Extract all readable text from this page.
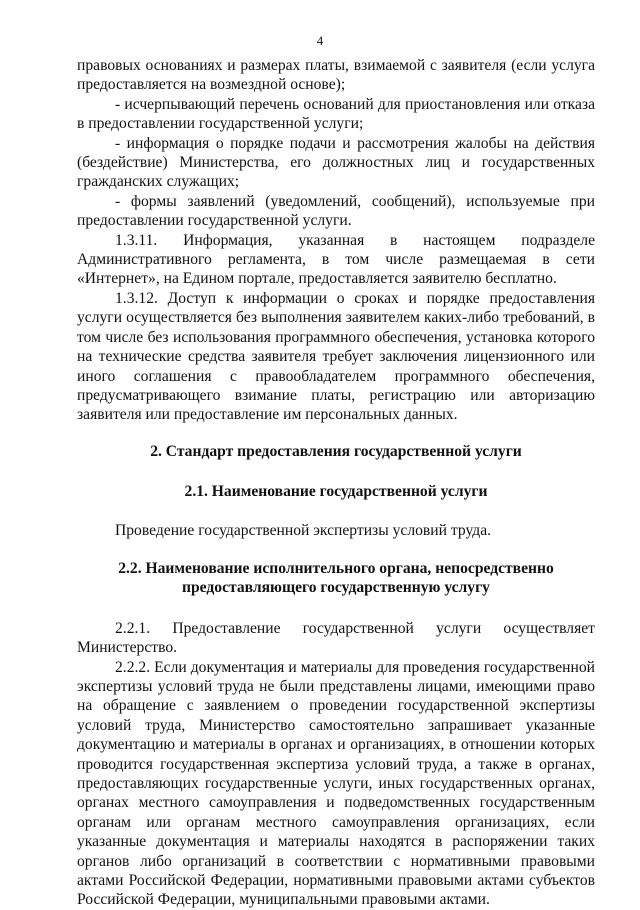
4

правовых основаниях и размерах платы, взимаемой с заявителя (если услуга предоставляется на возмездной основе);

- исчерпывающий перечень оснований для приостановления или отказа в предоставлении государственной услуги;

- информация о порядке подачи и рассмотрения жалобы на действия (бездействие) Министерства, его должностных лиц и государственных гражданских служащих;

- формы заявлений (уведомлений, сообщений), используемые при предоставлении государственной услуги.

1.3.11. Информация, указанная в настоящем подразделе Административного регламента, в том числе размещаемая в сети «Интернет», на Едином портале, предоставляется заявителю бесплатно.

1.3.12. Доступ к информации о сроках и порядке предоставления услуги осуществляется без выполнения заявителем каких-либо требований, в том числе без использования программного обеспечения, установка которого на технические средства заявителя требует заключения лицензионного или иного соглашения с правообладателем программного обеспечения, предусматривающего взимание платы, регистрацию или авторизацию заявителя или предоставление им персональных данных.

2. Стандарт предоставления государственной услуги

2.1. Наименование государственной услуги

Проведение государственной экспертизы условий труда.

2.2. Наименование исполнительного органа, непосредственно предоставляющего государственную услугу

2.2.1. Предоставление государственной услуги осуществляет Министерство.

2.2.2. Если документация и материалы для проведения государственной экспертизы условий труда не были представлены лицами, имеющими право на обращение с заявлением о проведении государственной экспертизы условий труда, Министерство самостоятельно запрашивает указанные документацию и материалы в органах и организациях, в отношении которых проводится государственная экспертиза условий труда, а также в органах, предоставляющих государственные услуги, иных государственных органах, органах местного самоуправления и подведомственных государственным органам или органам местного самоуправления организациях, если указанные документация и материалы находятся в распоряжении таких органов либо организаций в соответствии с нормативными правовыми актами Российской Федерации, нормативными правовыми актами субъектов Российской Федерации, муниципальными правовыми актами.
